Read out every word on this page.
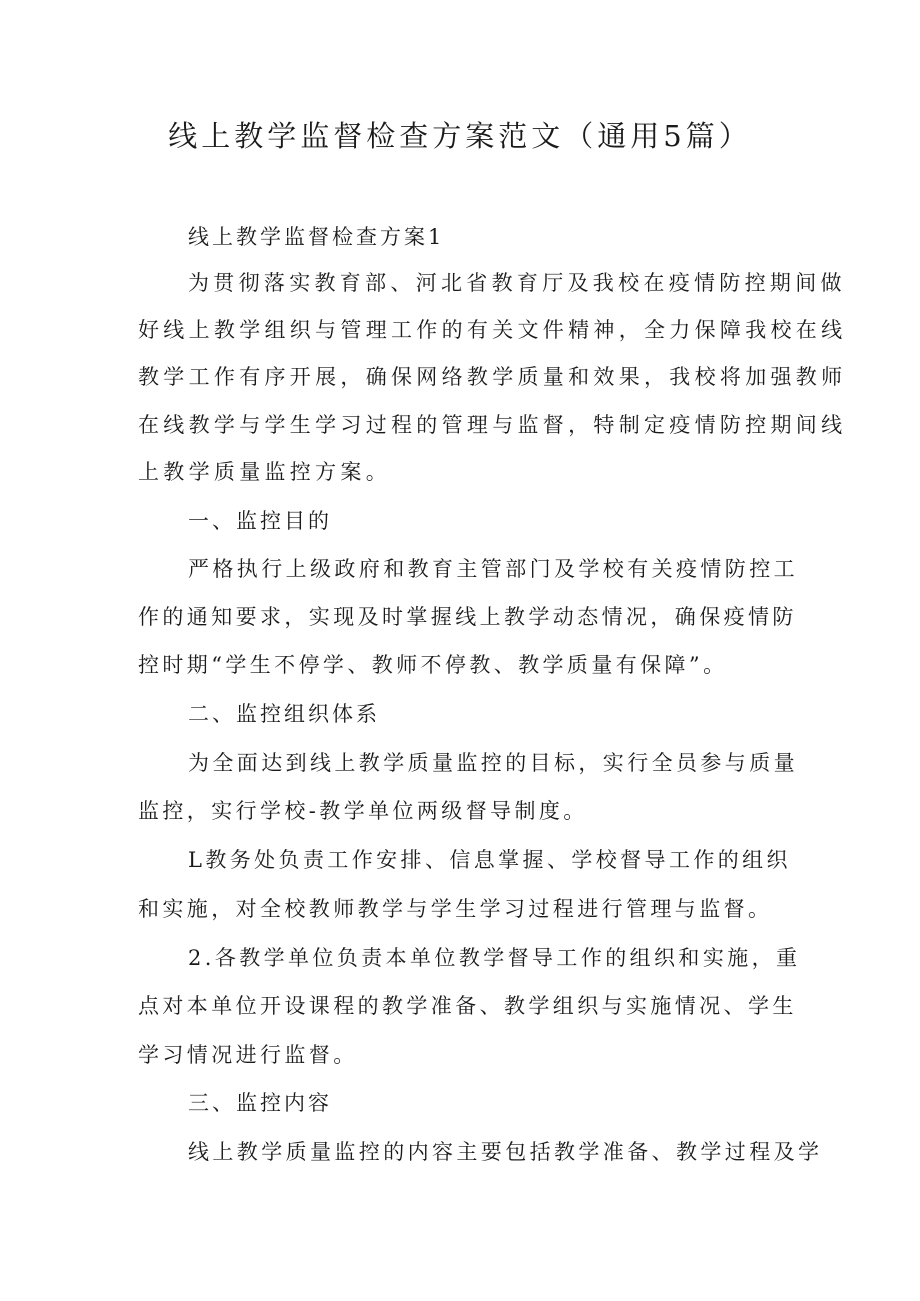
线上教学监督检查方案范文（通用5篇）

线上教学监督检查方案1

为贯彻落实教育部、河北省教育厅及我校在疫情防控期间做

好线上教学组织与管理工作的有关文件精神，全力保障我校在线

教学工作有序开展，确保网络教学质量和效果，我校将加强教师

在线教学与学生学习过程的管理与监督，特制定疫情防控期间线

上教学质量监控方案。

一、监控目的

严格执行上级政府和教育主管部门及学校有关疫情防控工

作的通知要求，实现及时掌握线上教学动态情况，确保疫情防

控时期“学生不停学、教师不停教、教学质量有保障”。

二、监控组织体系

为全面达到线上教学质量监控的目标，实行全员参与质量

监控，实行学校-教学单位两级督导制度。

L教务处负责工作安排、信息掌握、学校督导工作的组织

和实施，对全校教师教学与学生学习过程进行管理与监督。

2.各教学单位负责本单位教学督导工作的组织和实施，重

点对本单位开设课程的教学准备、教学组织与实施情况、学生

学习情况进行监督。

三、监控内容

线上教学质量监控的内容主要包括教学准备、教学过程及学
